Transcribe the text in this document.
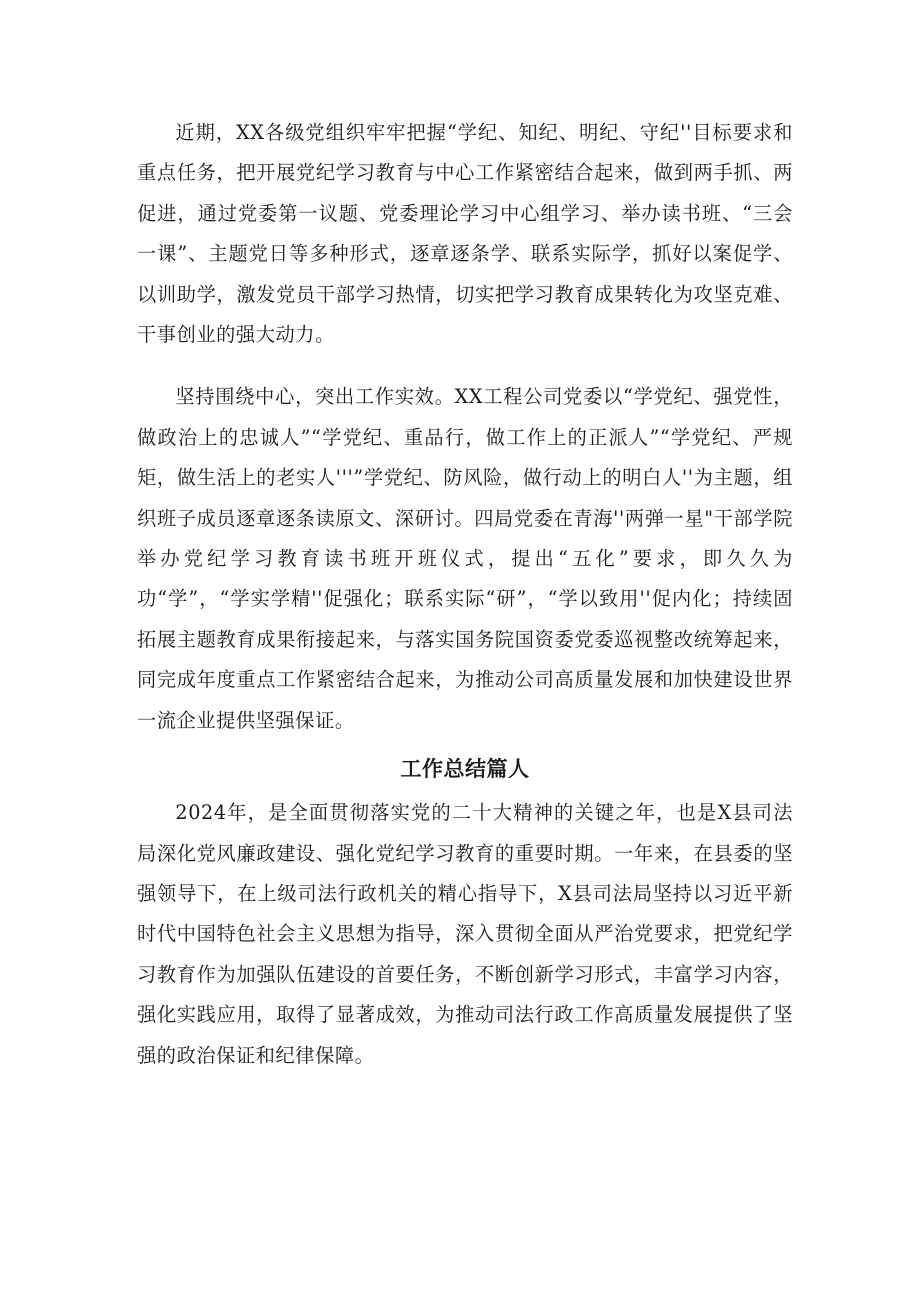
近期，XX各级党组织牢牢把握“学纪、知纪、明纪、守纪''目标要求和重点任务，把开展党纪学习教育与中心工作紧密结合起来，做到两手抓、两促进，通过党委第一议题、党委理论学习中心组学习、举办读书班、“三会一课”、主题党日等多种形式，逐章逐条学、联系实际学，抓好以案促学、以训助学，激发党员干部学习热情，切实把学习教育成果转化为攻坚克难、干事创业的强大动力。

坚持围绕中心，突出工作实效。XX工程公司党委以“学党纪、强党性，做政治上的忠诚人”“学党纪、重品行，做工作上的正派人”“学党纪、严规矩，做生活上的老实人'''”学党纪、防风险，做行动上的明白人''为主题，组织班子成员逐章逐条读原文、深研讨。四局党委在青海''两弹一星"干部学院举办党纪学习教育读书班开班仪式，提出“五化”要求，即久久为功“学”，“学实学精''促强化；联系实际“研”，“学以致用''促内化；持续固拓展主题教育成果衔接起来，与落实国务院国资委党委巡视整改统筹起来，同完成年度重点工作紧密结合起来，为推动公司高质量发展和加快建设世界一流企业提供坚强保证。

工作总结篇人

2024年，是全面贯彻落实党的二十大精神的关键之年，也是X县司法局深化党风廉政建设、强化党纪学习教育的重要时期。一年来，在县委的坚强领导下，在上级司法行政机关的精心指导下，X县司法局坚持以习近平新时代中国特色社会主义思想为指导，深入贯彻全面从严治党要求，把党纪学习教育作为加强队伍建设的首要任务，不断创新学习形式，丰富学习内容，强化实践应用，取得了显著成效，为推动司法行政工作高质量发展提供了坚强的政治保证和纪律保障。
